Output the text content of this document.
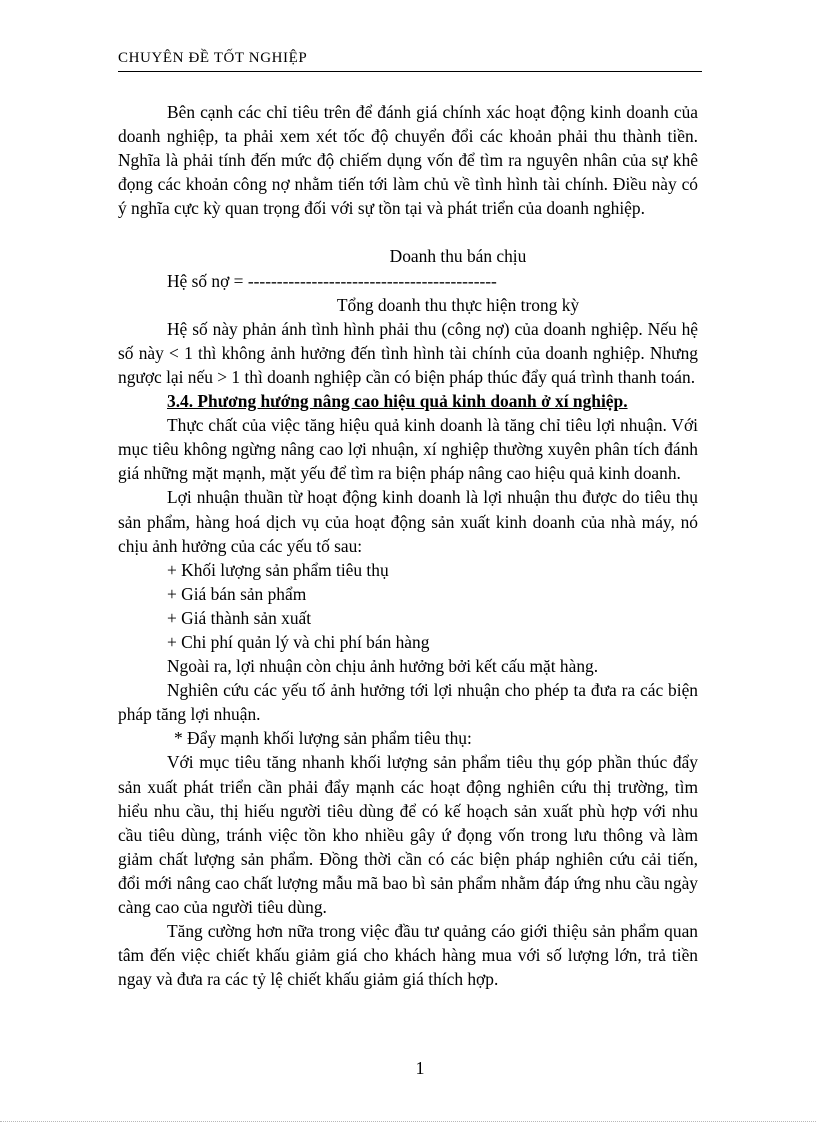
CHUYÊN ĐỀ TỐT NGHIỆP

Bên cạnh các chỉ tiêu trên để đánh giá chính xác hoạt động kinh doanh của doanh nghiệp, ta phải xem xét tốc độ chuyển đổi các khoản phải thu thành tiền. Nghĩa là phải tính đến mức độ chiếm dụng vốn để tìm ra nguyên nhân của sự khê đọng các khoản công nợ nhằm tiến tới làm chủ về tình hình tài chính. Điều này có ý nghĩa cực kỳ quan trọng đối với sự tồn tại và phát triển của doanh nghiệp.

Doanh thu bán chịu

Hệ số nợ = -------------------------------------------

Tổng doanh thu thực hiện trong kỳ

Hệ số này phản ánh tình hình phải thu (công nợ) của doanh nghiệp. Nếu hệ số này < 1 thì không ảnh hưởng đến tình hình tài chính của doanh nghiệp. Nhưng ngược lại nếu > 1 thì doanh nghiệp cần có biện pháp thúc đẩy quá trình thanh toán.

3.4. Phương hướng nâng cao hiệu quả kinh doanh ở xí nghiệp.

Thực chất của việc tăng hiệu quả kinh doanh là tăng chỉ tiêu lợi nhuận. Với mục tiêu không ngừng nâng cao lợi nhuận, xí nghiệp thường xuyên phân tích đánh giá những mặt mạnh, mặt yếu để tìm ra biện pháp nâng cao hiệu quả kinh doanh.

Lợi nhuận thuần từ hoạt động kinh doanh là lợi nhuận thu được do tiêu thụ sản phẩm, hàng hoá dịch vụ của hoạt động sản xuất kinh doanh của nhà máy, nó chịu ảnh hưởng của các yếu tố sau:

+ Khối lượng sản phẩm tiêu thụ

+ Giá bán sản phẩm

+ Giá thành sản xuất

+ Chi phí quản lý và chi phí bán hàng

Ngoài ra, lợi nhuận còn chịu ảnh hưởng bởi kết cấu mặt hàng.

Nghiên cứu các yếu tố ảnh hưởng tới lợi nhuận cho phép ta đưa ra các biện pháp tăng lợi nhuận.

* Đẩy mạnh khối lượng sản phẩm tiêu thụ:

Với mục tiêu tăng nhanh khối lượng sản phẩm tiêu thụ góp phần thúc đẩy sản xuất phát triển cần phải đẩy mạnh các hoạt động nghiên cứu thị trường, tìm hiểu nhu cầu, thị hiếu người tiêu dùng để có kế hoạch sản xuất phù hợp với nhu cầu tiêu dùng, tránh việc tồn kho nhiều gây ứ đọng vốn trong lưu thông và làm giảm chất lượng sản phẩm. Đồng thời cần có các biện pháp nghiên cứu cải tiến, đổi mới nâng cao chất lượng mẫu mã bao bì sản phẩm nhằm đáp ứng nhu cầu ngày càng cao của người tiêu dùng.

Tăng cường hơn nữa trong việc đầu tư quảng cáo giới thiệu sản phẩm quan tâm đến việc chiết khấu giảm giá cho khách hàng mua với số lượng lớn, trả tiền ngay và đưa ra các tỷ lệ chiết khấu giảm giá thích hợp.

1
